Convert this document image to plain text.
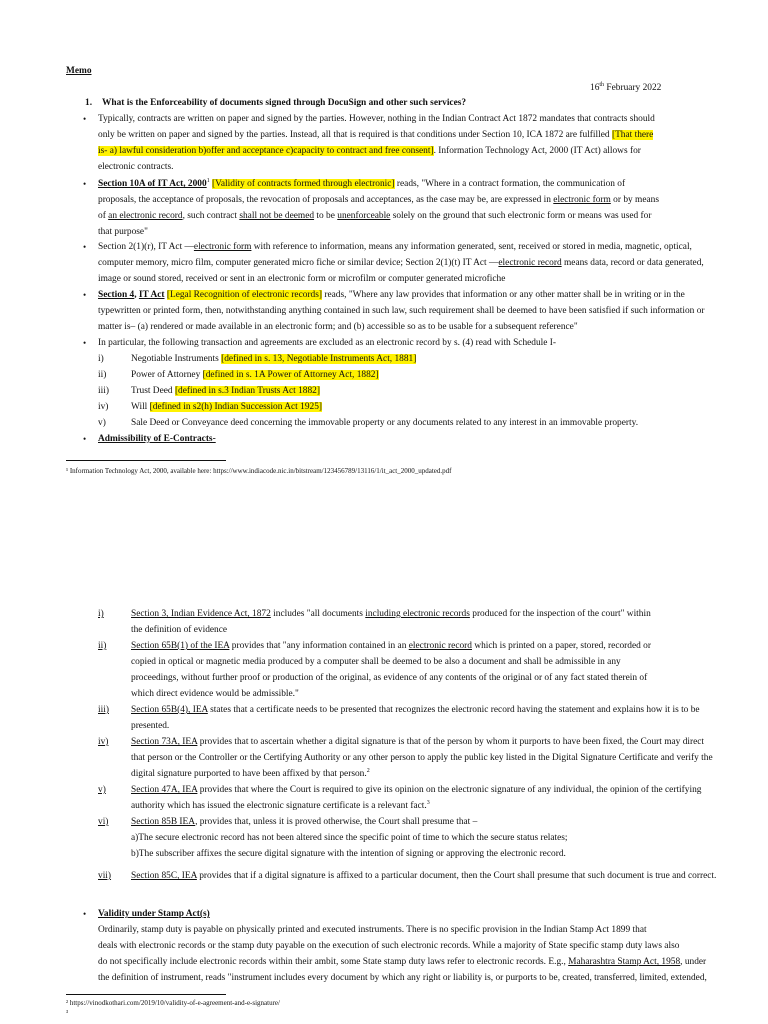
Memo
16th February 2022
1. What is the Enforceability of documents signed through DocuSign and other such services?
• Typically, contracts are written on paper and signed by the parties. However, nothing in the Indian Contract Act 1872 mandates that contracts should
only be written on paper and signed by the parties. Instead, all that is required is that conditions under Section 10, ICA 1872 are fulfilled [That there
is- a) lawful consideration b)offer and acceptance c)capacity to contract and free consent]. Information Technology Act, 2000 (IT Act) allows for
electronic contracts.
• Section 10A of IT Act, 2000$^1$ [Validity of contracts formed through electronic] reads, "Where in a contract formation, the communication of
proposals, the acceptance of proposals, the revocation of proposals and acceptances, as the case may be, are expressed in electronic form or by means
of an electronic record, such contract shall not be deemed to be unenforceable solely on the ground that such electronic form or means was used for
that purpose"
• Section 2(1)(r), IT Act —electronic form with reference to information, means any information generated, sent, received or stored in media, magnetic, optical,
computer memory, micro film, computer generated micro fiche or similar device; Section 2(1)(t) IT Act —electronic record means data, record or data generated,
image or sound stored, received or sent in an electronic form or microfilm or computer generated microfiche
• Section 4, IT Act [Legal Recognition of electronic records] reads, "Where any law provides that information or any other matter shall be in writing or in the
typewritten or printed form, then, notwithstanding anything contained in such law, such requirement shall be deemed to have been satisfied if such information or
matter is– (a) rendered or made available in an electronic form; and (b) accessible so as to be usable for a subsequent reference"
• In particular, the following transaction and agreements are excluded as an electronic record by s. (4) read with Schedule I-
i)	Negotiable Instruments [defined in s. 13, Negotiable Instruments Act, 1881]
ii)	Power of Attorney [defined in s. 1A Power of Attorney Act, 1882]
iii) Trust Deed [defined in s.3 Indian Trusts Act 1882]
iv) Will [defined in s2(h) Indian Succession Act 1925]
v)	Sale Deed or Conveyance deed concerning the immovable property or any documents related to any interest in an immovable property.
• Admissibility of E-Contracts-
¹ Information Technology Act, 2000, available here: https://www.indiacode.nic.in/bitstream/123456789/13116/1/it_act_2000_updated.pdf
i)	Section 3, Indian Evidence Act, 1872 includes "all documents including electronic records produced for the inspection of the court" within
the definition of evidence
ii)	Section 65B(1) of the IEA provides that "any information contained in an electronic record which is printed on a paper, stored, recorded or
copied in optical or magnetic media produced by a computer shall be deemed to be also a document and shall be admissible in any
proceedings, without further proof or production of the original, as evidence of any contents of the original or of any fact stated therein of
which direct evidence would be admissible."
iii) Section 65B(4), IEA states that a certificate needs to be presented that recognizes the electronic record having the statement and explains how it is to be
presented.
iv) Section 73A, IEA provides that to ascertain whether a digital signature is that of the person by whom it purports to have been fixed, the Court may direct
that person or the Controller or the Certifying Authority or any other person to apply the public key listed in the Digital Signature Certificate and verify the
digital signature purported to have been affixed by that person.$^2$
v)	Section 47A, IEA provides that where the Court is required to give its opinion on the electronic signature of any individual, the opinion of the certifying
authority which has issued the electronic signature certificate is a relevant fact.$^3$
vi) Section 85B IEA, provides that, unless it is proved otherwise, the Court shall presume that –
a)The secure electronic record has not been altered since the specific point of time to which the secure status relates;
b)The subscriber affixes the secure digital signature with the intention of signing or approving the electronic record.
vii) Section 85C, IEA provides that if a digital signature is affixed to a particular document, then the Court shall presume that such document is true and correct.
• Validity under Stamp Act(s)
Ordinarily, stamp duty is payable on physically printed and executed instruments. There is no specific provision in the Indian Stamp Act 1899 that
deals with electronic records or the stamp duty payable on the execution of such electronic records. While a majority of State specific stamp duty laws also
do not specifically include electronic records within their ambit, some State stamp duty laws refer to electronic records. E.g., Maharashtra Stamp Act, 1958, under
the definition of instrument, reads "instrument includes every document by which any right or liability is, or purports to be, created, transferred, limited, extended,
² https://vinodkothari.com/2019/10/validity-of-e-agreement-and-e-signature/
³
